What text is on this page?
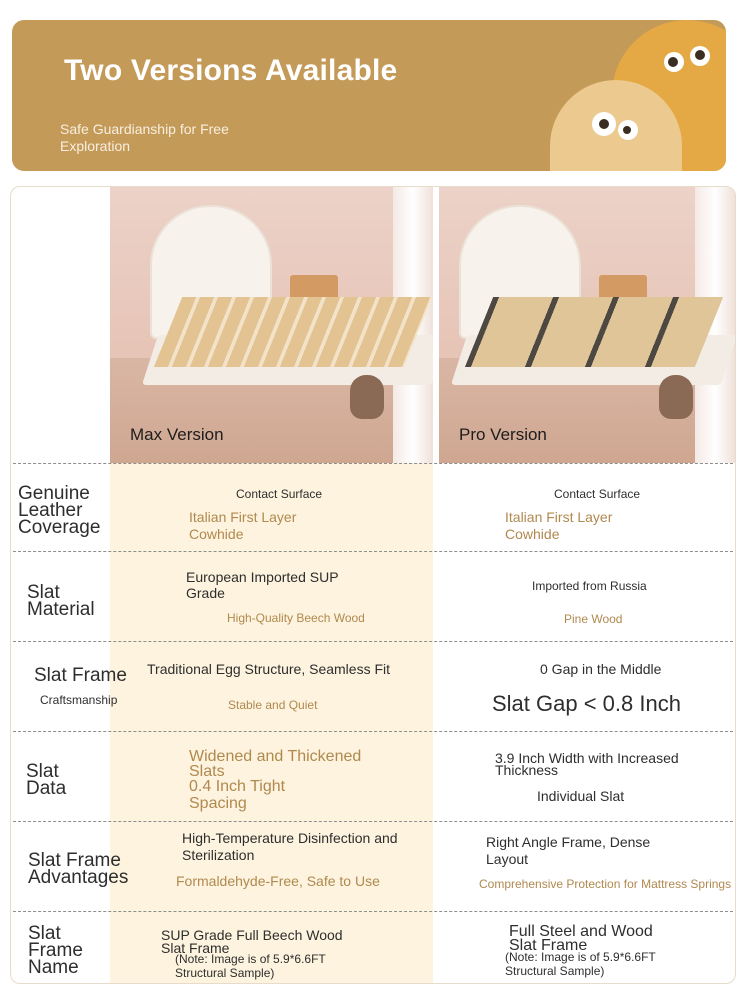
Two Versions Available
Safe Guardianship for Free Exploration
Max Version	Pro Version
Genuine Leather Coverage
Contact Surface
Italian First Layer Cowhide
Contact Surface
Italian First Layer Cowhide
Slat Material
European Imported SUP Grade
High-Quality Beech Wood
Imported from Russia
Pine Wood
Slat Frame
Craftsmanship
Traditional Egg Structure, Seamless Fit
Stable and Quiet
0 Gap in the Middle
Slat Gap < 0.8 Inch
Slat Data
Widened and Thickened Slats
0.4 Inch Tight Spacing
3.9 Inch Width with Increased Thickness
Individual Slat
Slat Frame Advantages
High-Temperature Disinfection and Sterilization
Formaldehyde-Free, Safe to Use
Right Angle Frame, Dense Layout
Comprehensive Protection for Mattress Springs
Slat Frame Name
SUP Grade Full Beech Wood Slat Frame
(Note: Image is of 5.9*6.6FT Structural Sample)
Full Steel and Wood Slat Frame
(Note: Image is of 5.9*6.6FT Structural Sample)
